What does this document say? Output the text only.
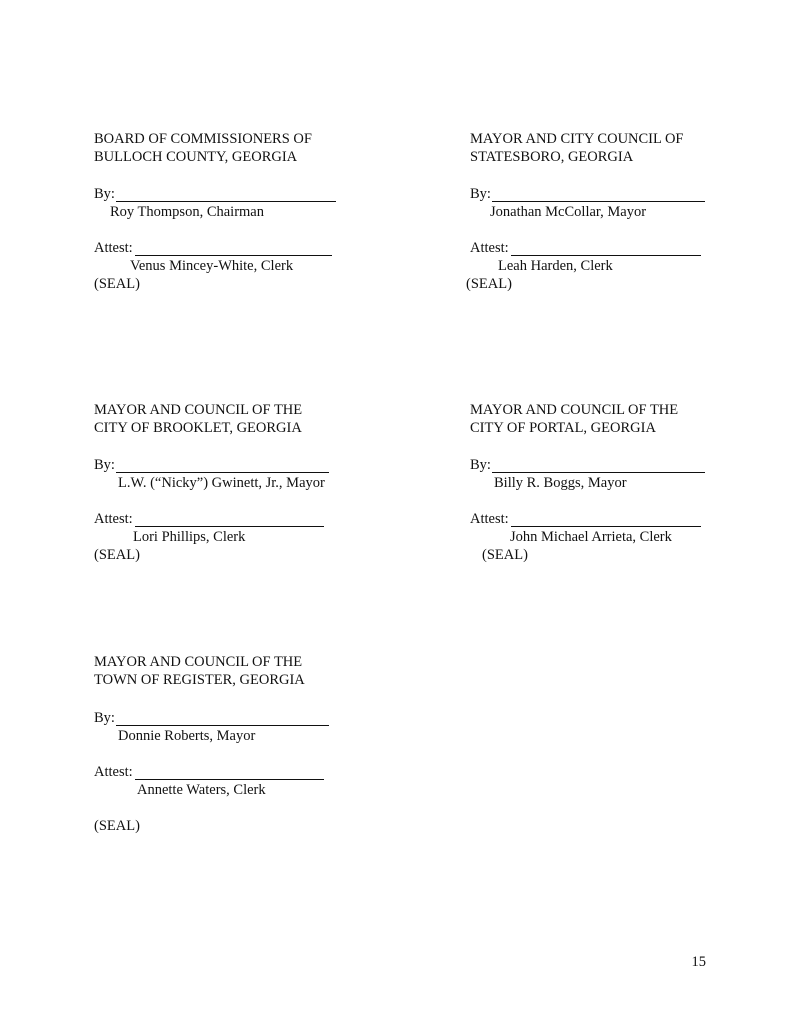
BOARD OF COMMISSIONERS OF
BULLOCH COUNTY, GEORGIA
By:
Roy Thompson, Chairman
Attest:
Venus Mincey-White, Clerk
(SEAL)
MAYOR AND CITY COUNCIL OF
STATESBORO, GEORGIA
By:
Jonathan McCollar, Mayor
Attest:
Leah Harden, Clerk
(SEAL)
MAYOR AND COUNCIL OF THE
CITY OF BROOKLET, GEORGIA
By:
L.W. (“Nicky”) Gwinett, Jr., Mayor
Attest:
Lori Phillips, Clerk
(SEAL)
MAYOR AND COUNCIL OF THE
CITY OF PORTAL, GEORGIA
By:
Billy R. Boggs, Mayor
Attest:
John Michael Arrieta, Clerk
(SEAL)
MAYOR AND COUNCIL OF THE
TOWN OF REGISTER, GEORGIA
By:
Donnie Roberts, Mayor
Attest:
Annette Waters, Clerk
(SEAL)
15
